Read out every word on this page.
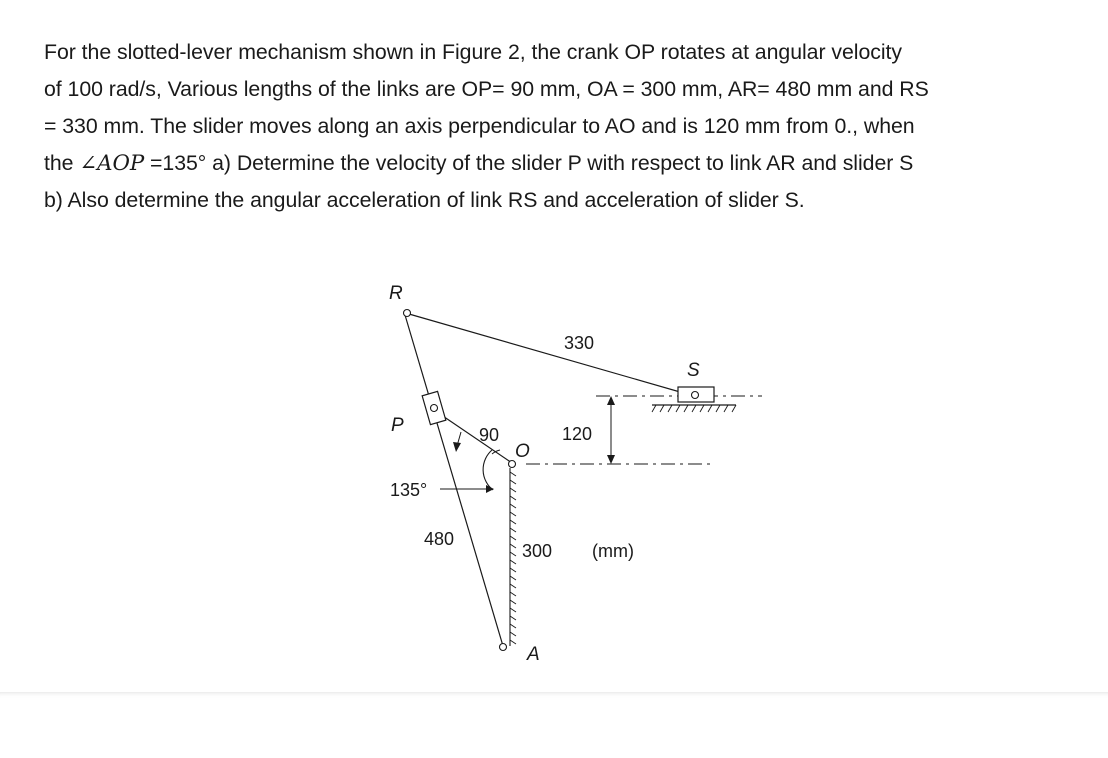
For the slotted-lever mechanism shown in Figure 2, the crank OP rotates at angular velocity
of 100 rad/s, Various lengths of the links are OP= 90 mm, OA = 300 mm, AR= 480 mm and RS
= 330 mm. The slider moves along an axis perpendicular to AO and is 120 mm from 0., when
the ∠AOP =135° a) Determine the velocity of the slider P with respect to link AR and slider S
b) Also determine the angular acceleration of link RS and acceleration of slider S.
R
P
O
A
S
330
90	120
135°
480
300 (mm)
